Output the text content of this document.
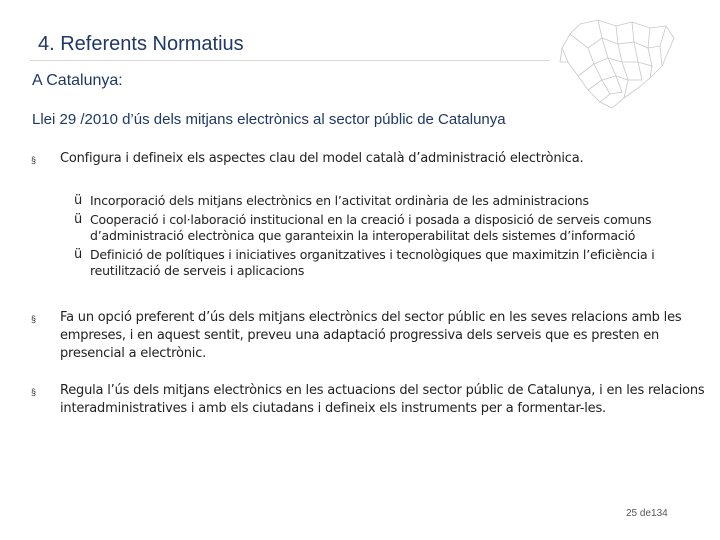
4. Referents Normatius
A Catalunya:
Llei 29 /2010 d’ús dels mitjans electrònics al sector públic de Catalunya
§ Configura i defineix els aspectes clau del model català d’administració electrònica.
ü Incorporació dels mitjans electrònics en l’activitat ordinària de les administracions
ü Cooperació i col·laboració institucional en la creació i posada a disposició de serveis comuns d’administració electrònica que garanteixin la interoperabilitat dels sistemes d’informació
ü Definició de polítiques i iniciatives organitzatives i tecnològiques que maximitzin l’eficiència i reutilització de serveis i aplicacions
§ Fa un opció preferent d’ús dels mitjans electrònics del sector públic en les seves relacions amb les empreses, i en aquest sentit, preveu una adaptació progressiva dels serveis que es presten en presencial a electrònic.
§ Regula l’ús dels mitjans electrònics en les actuacions del sector públic de Catalunya, i en les relacions interadministratives i amb els ciutadans i defineix els instruments per a formentar-les.
25 de134
